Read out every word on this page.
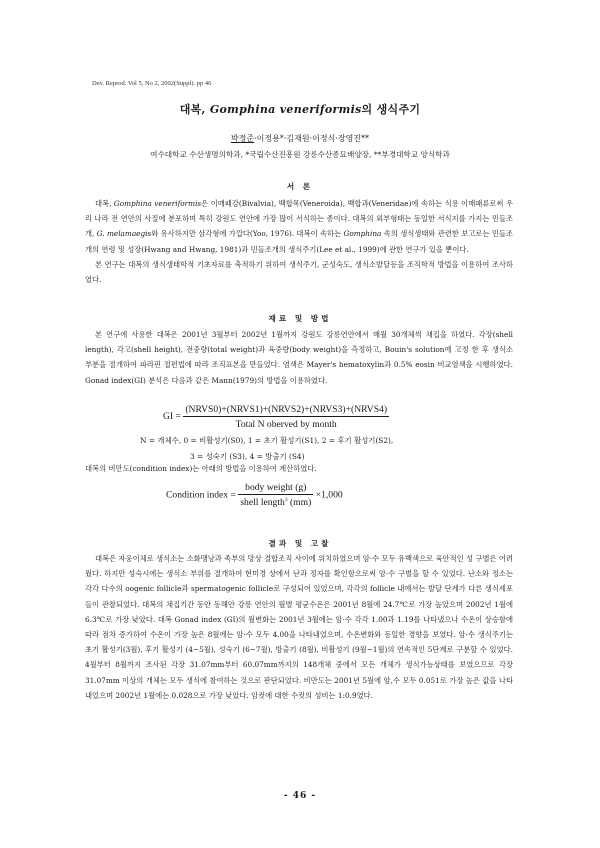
Dev. Reprod. Vol 5, No 2, 2002(Suppl). pp 46
대복, Gomphina veneriformis의 생식주기
박정준·이정용*·김재원·이정식·장영진**
여수대학교 수산생명의학과, *국립수산진흥원 강릉수산종묘배양장, **부경대학교 양식학과
서 론

대복, Gomphina veneriformis은 이매패강(Bivalvia), 백합목(Veneroida), 백합과(Veneridae)에 속하는 식용 이매패류로써 우리 나라 전 연안의 사질에 분포하며 특히 강원도 연안에 가장 많이 서식하는 종이다. 대복의 외부형태는 동일한 서식지를 가지는 민들조개, G. melamaegis와 유사하지만 삼각형에 가깝다(Yoo, 1976). 대복이 속하는 Gomphina 속의 생식생태와 관련한 보고로는 민들조개의 연령 및 성장(Hwang and Hwang, 1981)과 민들조개의 생식주기(Lee et al., 1999)에 관한 연구가 있을 뿐이다.

본 연구는 대복의 생식생태학적 기초자료를 축적하기 위하여 생식주기, 군성숙도, 생식소발달등을 조직학적 방법을 이용하여 조사하였다.

재료 및 방법

본 연구에 사용한 대복은 2001년 3월부터 2002년 1월까지 강원도 강릉연안에서 매월 30개체씩 채집을 하였다. 각장(shell length), 각고(shell height), 전중량(total weight)과 육중량(body weight)을 측정하고, Bouin's solution에 고정 한 후 생식소 부분을 절개하여 파라핀 절편법에 따라 조직표본을 만들었다. 염색은 Mayer's hematoxylin과 0.5% eosin 비교염색을 시행하였다. Gonad index(GI) 분석은 다음과 같은 Mann(1979)의 방법을 이용하였다.

GI = $\frac{\text{(NRVS0)+(NRVS1)+(NRVS2)+(NRVS3)+(NRVS4)}}{\text{Total N oberved by month}}$
N = 개체수, 0 = 비활성기(S0), 1 = 초기 활성기(S1), 2 = 후기 활성기(S2),
3 = 성숙기 (S3), 4 = 방출기 (S4)

대복의 비만도(condition index)는 아래의 방법을 이용하여 계산하였다.

Condition index = $\frac{\text{body weight (g)}}{shell length^3 (mm)} \times 1,000$
결과 및 고찰

대복은 자웅이체로 생식소는 소화맹낭과 족부의 망상 결합조직 사이에 위치하였으며 암·수 모두 유백색으로 육안적인 성 구별은 어려웠다. 하지만 성숙시에는 생식소 부위를 절개하여 현미경 상에서 난과 정자를 확인함으로써 암·수 구별을 할 수 있었다. 난소와 정소는 각각 다수의 oogenic follicle과 spermatogenic follicle로 구성되어 있었으며, 각각의 follicle 내에서는 발달 단계가 다른 생식세포들이 관찰되었다. 대복의 채집기간 동안 동해안 강릉 연안의 월별 평균수온은 2001년 8월에 24.7℃로 가장 높았으며 2002년 1월에 6.3℃로 가장 낮았다. 대복 Gonad index (GI)의 월변화는 2001년 3월에는 암·수 각각 1.00과 1.19를 나타냈으나 수온이 상승함에 따라 점차 증가하여 수온이 가장 높은 8월에는 암·수 모두 4.00을 나타내었으며, 수온변화와 동일한 경향을 보였다. 암·수 생식주기는 초기 활성기(3월), 후기 활성기 (4~5월), 성숙기 (6~7월), 방출기 (8월), 비활성기 (9월~1월)의 연속적인 5단계로 구분할 수 있었다. 4월부터 8월까지 조사된 각장 31.07mm부터 60.07mm까지의 148개체 중에서 모든 개체가 생식가능상태를 보였으므로 각장 31.07mm 이상의 개체는 모두 생식에 참여하는 것으로 판단되었다. 비만도는 2001년 5월에 암,수 모두 0.051로 가장 높은 값을 나타내었으며 2002년 1월에는 0.028으로 가장 낮았다. 암컷에 대한 수컷의 성비는 1:0.9였다.

- 46 -
